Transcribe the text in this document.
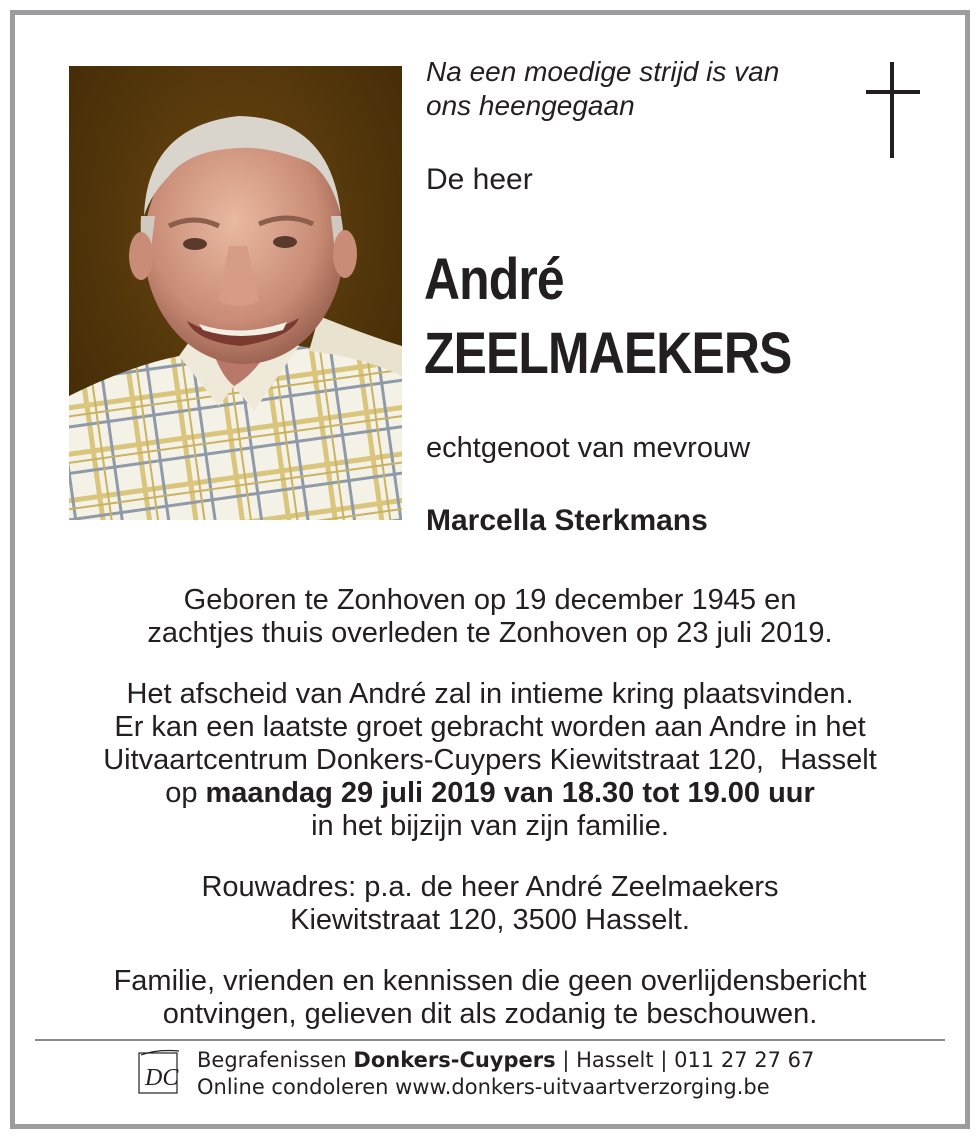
Na een moedige strijd is van
ons heengegaan
De heer
André
ZEELMAEKERS
echtgenoot van mevrouw
Marcella Sterkmans
Geboren te Zonhoven op 19 december 1945 en
zachtjes thuis overleden te Zonhoven op 23 juli 2019.
Het afscheid van André zal in intieme kring plaatsvinden.
Er kan een laatste groet gebracht worden aan Andre in het
Uitvaartcentrum Donkers-Cuypers Kiewitstraat 120,  Hasselt
op maandag 29 juli 2019 van 18.30 tot 19.00 uur
in het bijzijn van zijn familie.
Rouwadres: p.a. de heer André Zeelmaekers
Kiewitstraat 120, 3500 Hasselt.
Familie, vrienden en kennissen die geen overlijdensbericht
ontvingen, gelieven dit als zodanig te beschouwen.
DC
Begrafenissen Donkers-Cuypers | Hasselt | 011 27 27 67
Online condoleren www.donkers-uitvaartverzorging.be
